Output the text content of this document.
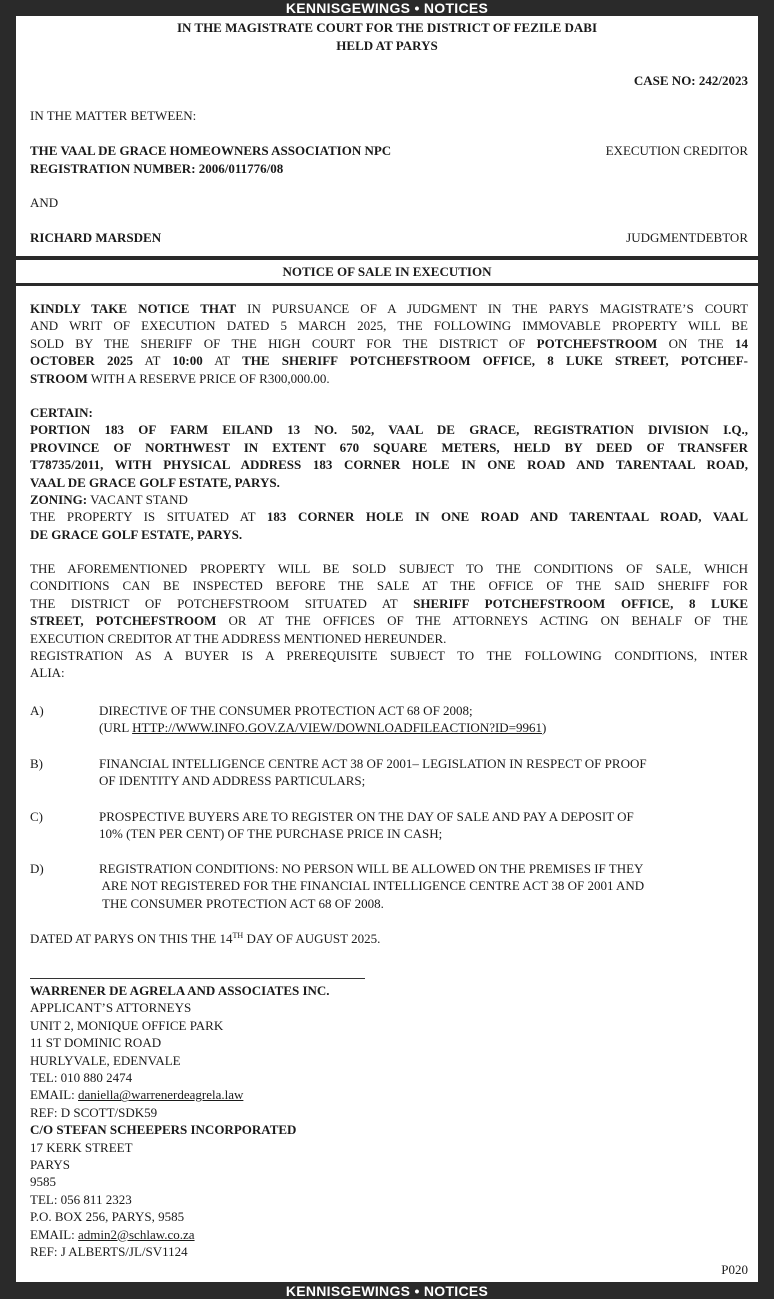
KENNISGEWINGS • NOTICES
IN THE MAGISTRATE COURT FOR THE DISTRICT OF FEZILE DABI
HELD AT PARYS
CASE NO: 242/2023
IN THE MATTER BETWEEN:
THE VAAL DE GRACE HOMEOWNERS ASSOCIATION NPC	EXECUTION CREDITOR
REGISTRATION NUMBER: 2006/011776/08
AND
RICHARD MARSDEN	JUDGMENTDEBTOR
NOTICE OF SALE IN EXECUTION
KINDLY TAKE NOTICE THAT IN PURSUANCE OF A JUDGMENT IN THE PARYS MAGISTRATE’S COURT
AND WRIT OF EXECUTION DATED 5 MARCH 2025, THE FOLLOWING IMMOVABLE PROPERTY WILL BE
SOLD BY THE SHERIFF OF THE HIGH COURT FOR THE DISTRICT OF POTCHEFSTROOM ON THE 14
OCTOBER 2025 AT 10:00 AT THE SHERIFF POTCHEFSTROOM OFFICE, 8 LUKE STREET, POTCHEF-
STROOM WITH A RESERVE PRICE OF R300,000.00.
CERTAIN:
PORTION 183 OF FARM EILAND 13 NO. 502, VAAL DE GRACE, REGISTRATION DIVISION I.Q.,
PROVINCE OF NORTHWEST IN EXTENT 670 SQUARE METERS, HELD BY DEED OF TRANSFER
T78735/2011, WITH PHYSICAL ADDRESS 183 CORNER HOLE IN ONE ROAD AND TARENTAAL ROAD,
VAAL DE GRACE GOLF ESTATE, PARYS.
ZONING: VACANT STAND
THE PROPERTY IS SITUATED AT 183 CORNER HOLE IN ONE ROAD AND TARENTAAL ROAD, VAAL
DE GRACE GOLF ESTATE, PARYS.
THE AFOREMENTIONED PROPERTY WILL BE SOLD SUBJECT TO THE CONDITIONS OF SALE, WHICH
CONDITIONS CAN BE INSPECTED BEFORE THE SALE AT THE OFFICE OF THE SAID SHERIFF FOR
THE DISTRICT OF POTCHEFSTROOM SITUATED AT SHERIFF POTCHEFSTROOM OFFICE, 8 LUKE
STREET, POTCHEFSTROOM OR AT THE OFFICES OF THE ATTORNEYS ACTING ON BEHALF OF THE
EXECUTION CREDITOR AT THE ADDRESS MENTIONED HEREUNDER.
REGISTRATION AS A BUYER IS A PREREQUISITE SUBJECT TO THE FOLLOWING CONDITIONS, INTER
ALIA:
A)	DIRECTIVE OF THE CONSUMER PROTECTION ACT 68 OF 2008;
(URL HTTP://WWW.INFO.GOV.ZA/VIEW/DOWNLOADFILEACTION?ID=9961)
B)	FINANCIAL INTELLIGENCE CENTRE ACT 38 OF 2001– LEGISLATION IN RESPECT OF PROOF
OF IDENTITY AND ADDRESS PARTICULARS;
C)	PROSPECTIVE BUYERS ARE TO REGISTER ON THE DAY OF SALE AND PAY A DEPOSIT OF
10% (TEN PER CENT) OF THE PURCHASE PRICE IN CASH;
D)	REGISTRATION CONDITIONS: NO PERSON WILL BE ALLOWED ON THE PREMISES IF THEY
ARE NOT REGISTERED FOR THE FINANCIAL INTELLIGENCE CENTRE ACT 38 OF 2001 AND
THE CONSUMER PROTECTION ACT 68 OF 2008.
DATED AT PARYS ON THIS THE 14TH DAY OF AUGUST 2025.
WARRENER DE AGRELA AND ASSOCIATES INC.
APPLICANT’S ATTORNEYS
UNIT 2, MONIQUE OFFICE PARK
11 ST DOMINIC ROAD
HURLYVALE, EDENVALE
TEL: 010 880 2474
EMAIL: daniella@warrenerdeagrela.law
REF: D SCOTT/SDK59
C/O STEFAN SCHEEPERS INCORPORATED
17 KERK STREET
PARYS
9585
TEL: 056 811 2323
P.O. BOX 256, PARYS, 9585
EMAIL: admin2@schlaw.co.za
REF: J ALBERTS/JL/SV1124
P020
KENNISGEWINGS • NOTICES
